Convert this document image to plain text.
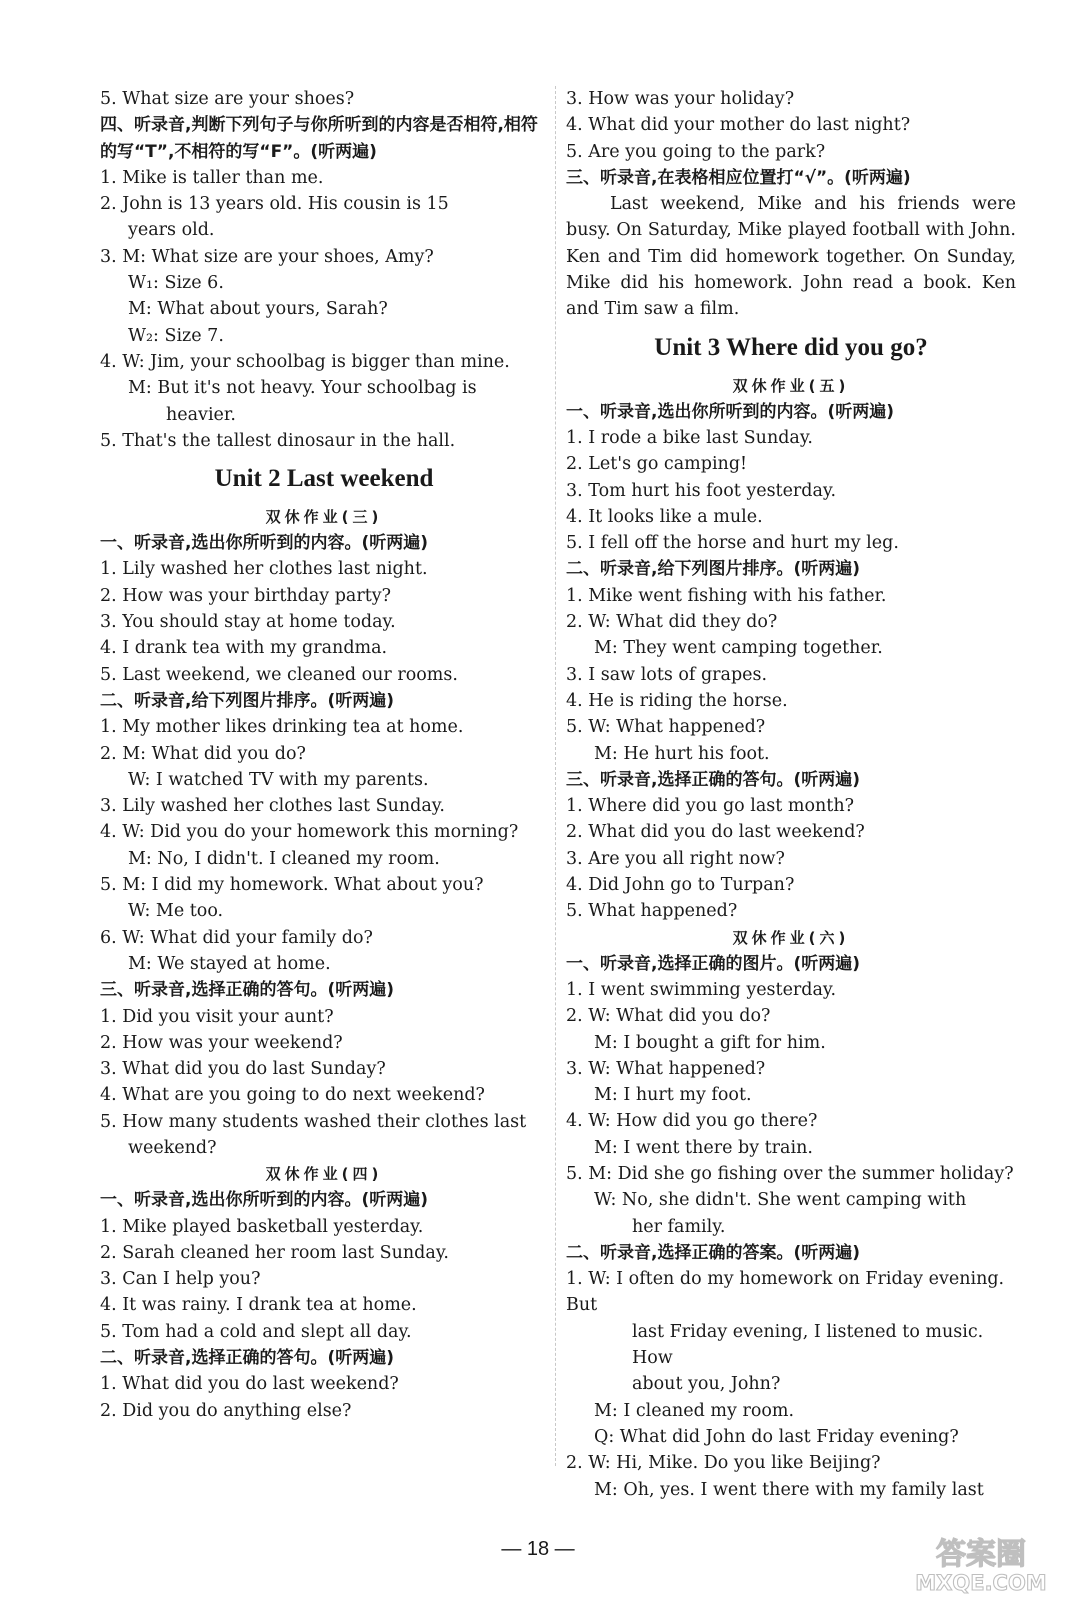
5. What size are your shoes?
四、听录音,判断下列句子与你所听到的内容是否相符,相符的写“T”,不相符的写“F”。(听两遍)
1. Mike is taller than me.
2. John is 13 years old. His cousin is 15
years old.
3. M: What size are your shoes, Amy?
W₁: Size 6.
M: What about yours, Sarah?
W₂: Size 7.
4. W: Jim, your schoolbag is bigger than mine.
M: But it's not heavy. Your schoolbag is
heavier.
5. That's the tallest dinosaur in the hall.
Unit 2 Last weekend
双休作业(三)
一、听录音,选出你所听到的内容。(听两遍)
1. Lily washed her clothes last night.
2. How was your birthday party?
3. You should stay at home today.
4. I drank tea with my grandma.
5. Last weekend, we cleaned our rooms.
二、听录音,给下列图片排序。(听两遍)
1. My mother likes drinking tea at home.
2. M: What did you do?
W: I watched TV with my parents.
3. Lily washed her clothes last Sunday.
4. W: Did you do your homework this morning?
M: No, I didn't. I cleaned my room.
5. M: I did my homework. What about you?
W: Me too.
6. W: What did your family do?
M: We stayed at home.
三、听录音,选择正确的答句。(听两遍)
1. Did you visit your aunt?
2. How was your weekend?
3. What did you do last Sunday?
4. What are you going to do next weekend?
5. How many students washed their clothes last
weekend?
双休作业(四)
一、听录音,选出你所听到的内容。(听两遍)
1. Mike played basketball yesterday.
2. Sarah cleaned her room last Sunday.
3. Can I help you?
4. It was rainy. I drank tea at home.
5. Tom had a cold and slept all day.
二、听录音,选择正确的答句。(听两遍)
1. What did you do last weekend?
2. Did you do anything else?
3. How was your holiday?
4. What did your mother do last night?
5. Are you going to the park?
三、听录音,在表格相应位置打“√”。(听两遍)
Last weekend, Mike and his friends were busy. On Saturday, Mike played football with John. Ken and Tim did homework together. On Sunday, Mike did his homework. John read a book. Ken and Tim saw a film.
Unit 3 Where did you go?
双休作业(五)
一、听录音,选出你所听到的内容。(听两遍)
1. I rode a bike last Sunday.
2. Let's go camping!
3. Tom hurt his foot yesterday.
4. It looks like a mule.
5. I fell off the horse and hurt my leg.
二、听录音,给下列图片排序。(听两遍)
1. Mike went fishing with his father.
2. W: What did they do?
M: They went camping together.
3. I saw lots of grapes.
4. He is riding the horse.
5. W: What happened?
M: He hurt his foot.
三、听录音,选择正确的答句。(听两遍)
1. Where did you go last month?
2. What did you do last weekend?
3. Are you all right now?
4. Did John go to Turpan?
5. What happened?
双休作业(六)
一、听录音,选择正确的图片。(听两遍)
1. I went swimming yesterday.
2. W: What did you do?
M: I bought a gift for him.
3. W: What happened?
M: I hurt my foot.
4. W: How did you go there?
M: I went there by train.
5. M: Did she go fishing over the summer holiday?
W: No, she didn't. She went camping with
her family.
二、听录音,选择正确的答案。(听两遍)
1. W: I often do my homework on Friday evening. But
last Friday evening, I listened to music. How
about you, John?
M: I cleaned my room.
Q: What did John do last Friday evening?
2. W: Hi, Mike. Do you like Beijing?
M: Oh, yes. I went there with my family last
— 18 —	答案圈
MXQE.COM
